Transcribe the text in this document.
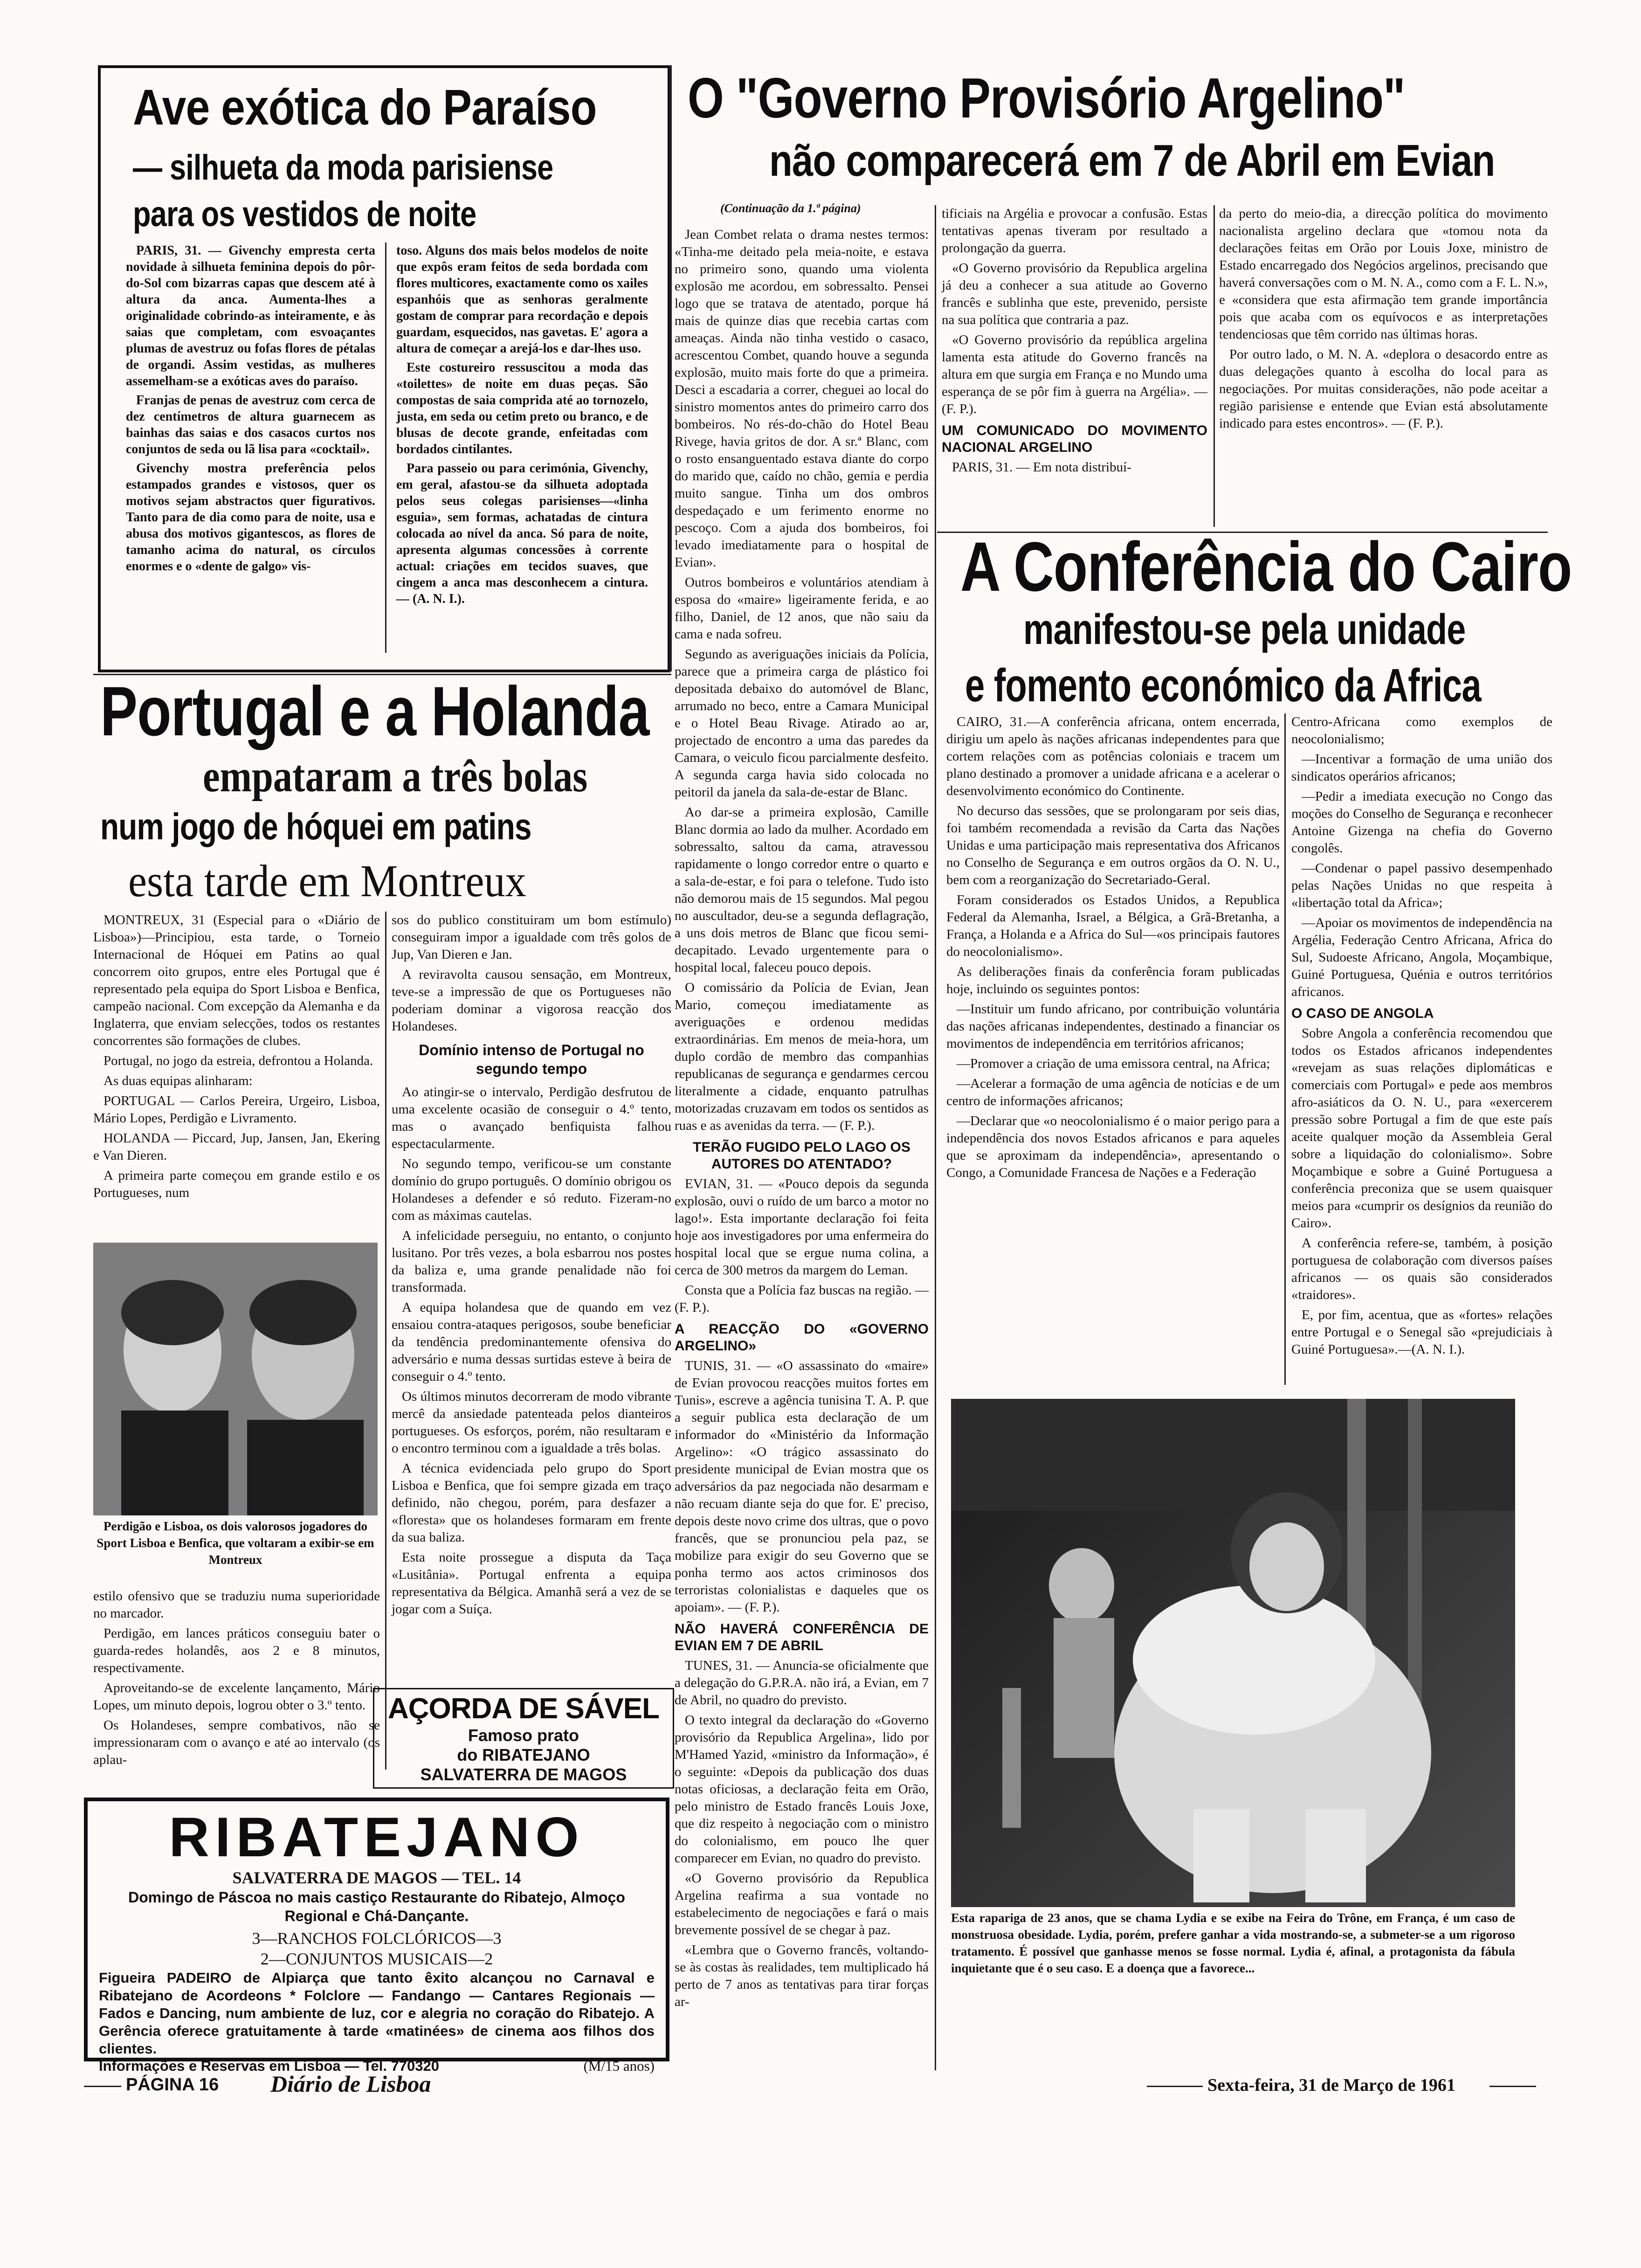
Ave exótica do Paraíso
— silhueta da moda parisiense para os vestidos de noite

PARIS, 31. — Givenchy empresta certa novidade à silhueta feminina depois do pôr-do-Sol com bizarras capas que descem até à altura da anca. Aumenta-lhes a originalidade cobrindo-as inteiramente, e às saias que completam, com esvoaçantes plumas de avestruz ou fofas flores de pétalas de organdi. Assim vestidas, as mulheres assemelham-se a exóticas aves do paraíso.

Franjas de penas de avestruz com cerca de dez centímetros de altura guarnecem as bainhas das saias e dos casacos curtos nos conjuntos de seda ou lã lisa para «cocktail».

Givenchy mostra preferência pelos estampados grandes e vistosos, quer os motivos sejam abstractos quer figurativos. Tanto para de dia como para de noite, usa e abusa dos motivos gigantescos, as flores de tamanho acima do natural, os círculos enormes e o «dente de galgo» vis-

toso. Alguns dos mais belos modelos de noite que expôs eram feitos de seda bordada com flores multicores, exactamente como os xailes espanhóis que as senhoras geralmente gostam de comprar para recordação e depois guardam, esquecidos, nas gavetas. E' agora a altura de começar a arejá-los e dar-lhes uso.

Este costureiro ressuscitou a moda das «toilettes» de noite em duas peças. São compostas de saia comprida até ao tornozelo, justa, em seda ou cetim preto ou branco, e de blusas de decote grande, enfeitadas com bordados cintilantes.

Para passeio ou para cerimónia, Givenchy, em geral, afastou-se da silhueta adoptada pelos seus colegas parisienses—«linha esguia», sem formas, achatadas de cintura colocada ao nível da anca. Só para de noite, apresenta algumas concessões à corrente actual: criações em tecidos suaves, que cingem a anca mas desconhecem a cintura. — (A. N. I.).

O "Governo Provisório Argelino"
não comparecerá em 7 de Abril em Evian
(Continuação da 1.ª página)

Jean Combet relata o drama nestes termos: «Tinha-me deitado pela meia-noite, e estava no primeiro sono, quando uma violenta explosão me acordou, em sobressalto. Pensei logo que se tratava de atentado, porque há mais de quinze dias que recebia cartas com ameaças. Ainda não tinha vestido o casaco, acrescentou Combet, quando houve a segunda explosão, muito mais forte do que a primeira. Desci a escadaria a correr, cheguei ao local do sinistro momentos antes do primeiro carro dos bombeiros. No rés-do-chão do Hotel Beau Rivege, havia gritos de dor. A sr.ª Blanc, com o rosto ensanguentado estava diante do corpo do marido que, caído no chão, gemia e perdia muito sangue. Tinha um dos ombros despedaçado e um ferimento enorme no pescoço. Com a ajuda dos bombeiros, foi levado imediatamente para o hospital de Evian».

Outros bombeiros e voluntários atendiam à esposa do «maire» ligeiramente ferida, e ao filho, Daniel, de 12 anos, que não saiu da cama e nada sofreu.

Segundo as averiguações iniciais da Polícia, parece que a primeira carga de plástico foi depositada debaixo do automóvel de Blanc, arrumado no beco, entre a Camara Municipal e o Hotel Beau Rivage. Atirado ao ar, projectado de encontro a uma das paredes da Camara, o veiculo ficou parcialmente desfeito. A segunda carga havia sido colocada no peitoril da janela da sala-de-estar de Blanc.

Ao dar-se a primeira explosão, Camille Blanc dormia ao lado da mulher. Acordado em sobressalto, saltou da cama, atravessou rapidamente o longo corredor entre o quarto e a sala-de-estar, e foi para o telefone. Tudo isto não demorou mais de 15 segundos. Mal pegou no auscultador, deu-se a segunda deflagração, a uns dois metros de Blanc que ficou semi-decapitado. Levado urgentemente para o hospital local, faleceu pouco depois.

O comissário da Polícia de Evian, Jean Mario, começou imediatamente as averiguações e ordenou medidas extraordinárias. Em menos de meia-hora, um duplo cordão de membro das companhias republicanas de segurança e gendarmes cercou literalmente a cidade, enquanto patrulhas motorizadas cruzavam em todos os sentidos as ruas e as avenidas da terra. — (F. P.).

TERÃO FUGIDO PELO LAGO OS AUTORES DO ATENTADO?

EVIAN, 31. — «Pouco depois da segunda explosão, ouvi o ruído de um barco a motor no lago!». Esta importante declaração foi feita hoje aos investigadores por uma enfermeira do hospital local que se ergue numa colina, a cerca de 300 metros da margem do Leman.

Consta que a Polícia faz buscas na região. — (F. P.).

A REACÇÃO DO «GOVERNO ARGELINO»

TUNIS, 31. — «O assassinato do «maire» de Evian provocou reacções muitos fortes em Tunis», escreve a agência tunisina T. A. P. que a seguir publica esta declaração de um informador do «Ministério da Informação Argelino»: «O trágico assassinato do presidente municipal de Evian mostra que os adversários da paz negociada não desarmam e não recuam diante seja do que for. E' preciso, depois deste novo crime dos ultras, que o povo francês, que se pronunciou pela paz, se mobilize para exigir do seu Governo que se ponha termo aos actos criminosos dos terroristas colonialistas e daqueles que os apoiam». — (F. P.).

NÃO HAVERÁ CONFERÊNCIA DE EVIAN EM 7 DE ABRIL

TUNES, 31. — Anuncia-se oficialmente que a delegação do G.P.R.A. não irá, a Evian, em 7 de Abril, no quadro do previsto.

O texto integral da declaração do «Governo provisório da Republica Argelina», lido por M'Hamed Yazid, «ministro da Informação», é o seguinte: «Depois da publicação dos duas notas oficiosas, a declaração feita em Orão, pelo ministro de Estado francês Louis Joxe, que diz respeito à negociação com o ministro do colonialismo, em pouco lhe quer comparecer em Evian, no quadro do previsto.

«O Governo provisório da Republica Argelina reafirma a sua vontade no estabelecimento de negociações e fará o mais brevemente possível de se chegar à paz.

«Lembra que o Governo francês, voltando-se às costas às realidades, tem multiplicado há perto de 7 anos as tentativas para tirar forças ar-

tificiais na Argélia e provocar a confusão. Estas tentativas apenas tiveram por resultado a prolongação da guerra.

«O Governo provisório da Republica argelina já deu a conhecer a sua atitude ao Governo francês e sublinha que este, prevenido, persiste na sua política que contraria a paz.

«O Governo provisório da república argelina lamenta esta atitude do Governo francês na altura em que surgia em França e no Mundo uma esperança de se pôr fim à guerra na Argélia». — (F. P.).

UM COMUNICADO DO MOVIMENTO NACIONAL ARGELINO

PARIS, 31. — Em nota distribuí-

da perto do meio-dia, a direcção política do movimento nacionalista argelino declara que «tomou nota da declarações feitas em Orão por Louis Joxe, ministro de Estado encarregado dos Negócios argelinos, precisando que haverá conversações com o M. N. A., como com a F. L. N.», e «considera que esta afirmação tem grande importância pois que acaba com os equívocos e as interpretações tendenciosas que têm corrido nas últimas horas.

Por outro lado, o M. N. A. «deplora o desacordo entre as duas delegações quanto à escolha do local para as negociações. Por muitas considerações, não pode aceitar a região parisiense e entende que Evian está absolutamente indicado para estes encontros». — (F. P.).

A Conferência do Cairo
manifestou-se pela unidade
e fomento económico da Africa

CAIRO, 31.—A conferência africana, ontem encerrada, dirigiu um apelo às nações africanas independentes para que cortem relações com as potências coloniais e tracem um plano destinado a promover a unidade africana e a acelerar o desenvolvimento económico do Continente.

No decurso das sessões, que se prolongaram por seis dias, foi também recomendada a revisão da Carta das Nações Unidas e uma participação mais representativa dos Africanos no Conselho de Segurança e em outros orgãos da O. N. U., bem com a reorganização do Secretariado-Geral.

Foram considerados os Estados Unidos, a Republica Federal da Alemanha, Israel, a Bélgica, a Grã-Bretanha, a França, a Holanda e a Africa do Sul—«os principais fautores do neocolonialismo».

As deliberações finais da conferência foram publicadas hoje, incluindo os seguintes pontos:

—Instituir um fundo africano, por contribuição voluntária das nações africanas independentes, destinado a financiar os movimentos de independência em territórios africanos;

—Promover a criação de uma emissora central, na Africa;

—Acelerar a formação de uma agência de notícias e de um centro de informações africanos;

—Declarar que «o neocolonialismo é o maior perigo para a independência dos novos Estados africanos e para aqueles que se aproximam da independência», apresentando o Congo, a Comunidade Francesa de Nações e a Federação

Centro-Africana como exemplos de neocolonialismo;

—Incentivar a formação de uma união dos sindicatos operários africanos;

—Pedir a imediata execução no Congo das moções do Conselho de Segurança e reconhecer Antoine Gizenga na chefia do Governo congolês.

—Condenar o papel passivo desempenhado pelas Nações Unidas no que respeita à «libertação total da Africa»;

—Apoiar os movimentos de independência na Argélia, Federação Centro Africana, Africa do Sul, Sudoeste Africano, Angola, Moçambique, Guiné Portuguesa, Quénia e outros territórios africanos.

O CASO DE ANGOLA

Sobre Angola a conferência recomendou que todos os Estados africanos independentes «revejam as suas relações diplomáticas e comerciais com Portugal» e pede aos membros afro-asiáticos da O. N. U., para «exercerem pressão sobre Portugal a fim de que este país aceite qualquer moção da Assembleia Geral sobre a liquidação do colonialismo». Sobre Moçambique e sobre a Guiné Portuguesa a conferência preconiza que se usem quaisquer meios para «cumprir os desígnios da reunião do Cairo».

A conferência refere-se, também, à posição portuguesa de colaboração com diversos países africanos — os quais são considerados «traidores».

E, por fim, acentua, que as «fortes» relações entre Portugal e o Senegal são «prejudiciais à Guiné Portuguesa».—(A. N. I.).

Esta rapariga de 23 anos, que se chama Lydia e se exibe na Feira do Trône, em França, é um caso de monstruosa obesidade. Lydia, porém, prefere ganhar a vida mostrando-se, a submeter-se a um rigoroso tratamento. É possível que ganhasse menos se fosse normal. Lydia é, afinal, a protagonista da fábula inquietante que é o seu caso. E a doença que a favorece...
Portugal e a Holanda
empataram a três bolas
num jogo de hóquei em patins
esta tarde em Montreux

MONTREUX, 31 (Especial para o «Diário de Lisboa»)—Principiou, esta tarde, o Torneio Internacional de Hóquei em Patins ao qual concorrem oito grupos, entre eles Portugal que é representado pela equipa do Sport Lisboa e Benfica, campeão nacional. Com excepção da Alemanha e da Inglaterra, que enviam selecções, todos os restantes concorrentes são formações de clubes.

Portugal, no jogo da estreia, defrontou a Holanda.

As duas equipas alinharam:

PORTUGAL — Carlos Pereira, Urgeiro, Lisboa, Mário Lopes, Perdigão e Livramento.

HOLANDA — Piccard, Jup, Jansen, Jan, Ekering e Van Dieren.

A primeira parte começou em grande estilo e os Portugueses, num

Perdigão e Lisboa, os dois valorosos jogadores do Sport Lisboa e Benfica, que voltaram a exibir-se em Montreux

estilo ofensivo que se traduziu numa superioridade no marcador.

Perdigão, em lances práticos conseguiu bater o guarda-redes holandês, aos 2 e 8 minutos, respectivamente.

Aproveitando-se de excelente lançamento, Mário Lopes, um minuto depois, logrou obter o 3.º tento.

Os Holandeses, sempre combativos, não se impressionaram com o avanço e até ao intervalo (os aplau-

sos do publico constituiram um bom estímulo) conseguiram impor a igualdade com três golos de Jup, Van Dieren e Jan.

A reviravolta causou sensação, em Montreux, teve-se a impressão de que os Portugueses não poderiam dominar a vigorosa reacção dos Holandeses.

Domínio intenso de Portugal no segundo tempo

Ao atingir-se o intervalo, Perdigão desfrutou de uma excelente ocasião de conseguir o 4.º tento, mas o avançado benfiquista falhou espectacularmente.

No segundo tempo, verificou-se um constante domínio do grupo português. O domínio obrigou os Holandeses a defender e só reduto. Fizeram-no com as máximas cautelas.

A infelicidade perseguiu, no entanto, o conjunto lusitano. Por três vezes, a bola esbarrou nos postes da baliza e, uma grande penalidade não foi transformada.

A equipa holandesa que de quando em vez ensaiou contra-ataques perigosos, soube beneficiar da tendência predominantemente ofensiva do adversário e numa dessas surtidas esteve à beira de conseguir o 4.º tento.

Os últimos minutos decorreram de modo vibrante mercê da ansiedade patenteada pelos dianteiros portugueses. Os esforços, porém, não resultaram e o encontro terminou com a igualdade a três bolas.

A técnica evidenciada pelo grupo do Sport Lisboa e Benfica, que foi sempre gizada em traço definido, não chegou, porém, para desfazer a «floresta» que os holandeses formaram em frente da sua baliza.

Esta noite prossegue a disputa da Taça «Lusitânia». Portugal enfrenta a equipa representativa da Bélgica. Amanhã será a vez de se jogar com a Suíça.

AÇORDA DE SÁVEL
Famoso prato
do RIBATEJANO
SALVATERRA DE MAGOS
RIBATEJANO
SALVATERRA DE MAGOS — TEL. 14
Domingo de Páscoa no mais castiço Restaurante do Ribatejo, Almoço Regional e Chá-Dançante.
3—RANCHOS FOLCLÓRICOS—3
2—CONJUNTOS MUSICAIS—2
Figueira PADEIRO de Alpiarça que tanto êxito alcançou no Carnaval e Ribatejano de Acordeons * Folclore — Fandango — Cantares Regionais — Fados e Dancing, num ambiente de luz, cor e alegria no coração do Ribatejo. A Gerência oferece gratuitamente à tarde «matinées» de cinema aos filhos dos clientes.
Informações e Reservas em Lisboa — Tel. 770320	(M/15 anos)
PÁGINA 16 Diário de Lisboa	Sexta-feira, 31 de Março de 1961
